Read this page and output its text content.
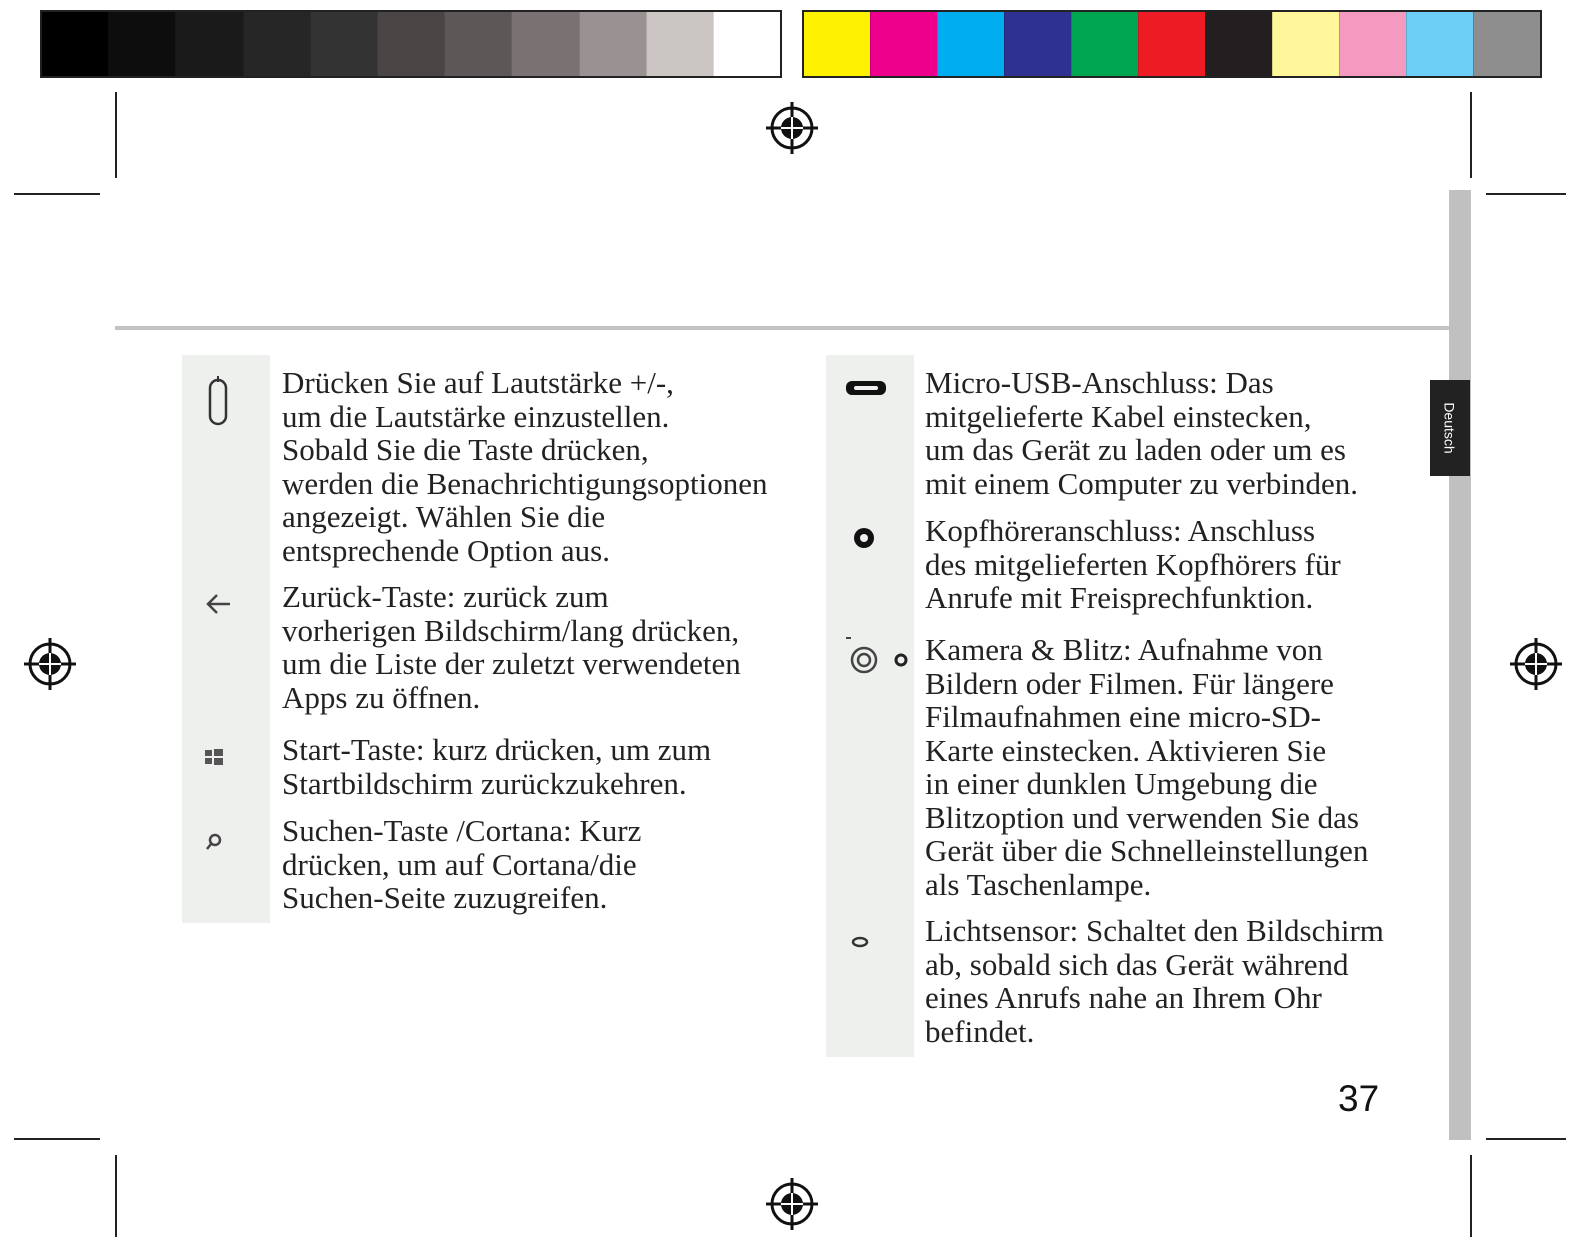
Deutsch
Drücken Sie auf Lautstärke +/-,
um die Lautstärke einzustellen.
Sobald Sie die Taste drücken,
werden die Benachrichtigungsoptionen
angezeigt. Wählen Sie die
entsprechende Option aus.
Zurück-Taste: zurück zum
vorherigen Bildschirm/lang drücken,
um die Liste der zuletzt verwendeten
Apps zu öffnen.
Start-Taste: kurz drücken, um zum
Startbildschirm zurückzukehren.
Suchen-Taste /Cortana: Kurz
drücken, um auf Cortana/die
Suchen-Seite zuzugreifen.
Micro-USB-Anschluss: Das
mitgelieferte Kabel einstecken,
um das Gerät zu laden oder um es
mit einem Computer zu verbinden.
Kopfhöreranschluss: Anschluss
des mitgelieferten Kopfhörers für
Anrufe mit Freisprechfunktion.
Kamera & Blitz: Aufnahme von
Bildern oder Filmen. Für längere
Filmaufnahmen eine micro-SD-
Karte einstecken. Aktivieren Sie
in einer dunklen Umgebung die
Blitzoption und verwenden Sie das
Gerät über die Schnelleinstellungen
als Taschenlampe.
Lichtsensor: Schaltet den Bildschirm
ab, sobald sich das Gerät während
eines Anrufs nahe an Ihrem Ohr
befindet.
37
